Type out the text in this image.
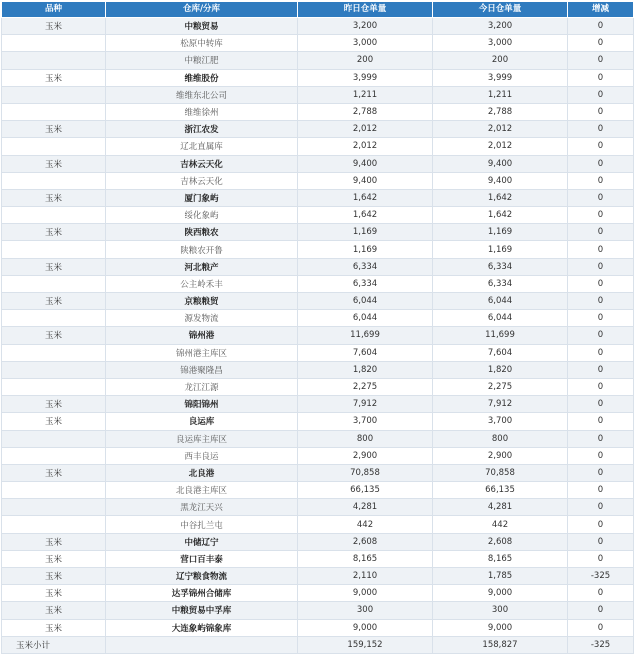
品种	仓库/分库	昨日仓单量	今日仓单量	增减
玉米	中粮贸易	3,200	3,200	0
	松原中转库	3,000	3,000	0
	中粮江肥	200	200	0
玉米	维维股份	3,999	3,999	0
	维维东北公司	1,211	1,211	0
	维维徐州	2,788	2,788	0
玉米	浙江农发	2,012	2,012	0
	辽北直属库	2,012	2,012	0
玉米	吉林云天化	9,400	9,400	0
	吉林云天化	9,400	9,400	0
玉米	厦门象屿	1,642	1,642	0
	绥化象屿	1,642	1,642	0
玉米	陕西粮农	1,169	1,169	0
	陕粮农开鲁	1,169	1,169	0
玉米	河北粮产	6,334	6,334	0
	公主岭禾丰	6,334	6,334	0
玉米	京粮粮贸	6,044	6,044	0
	源发物流	6,044	6,044	0
玉米	锦州港	11,699	11,699	0
	锦州港主库区	7,604	7,604	0
	锦港聚隆昌	1,820	1,820	0
	龙江江源	2,275	2,275	0
玉米	锦阳锦州	7,912	7,912	0
玉米	良运库	3,700	3,700	0
	良运库主库区	800	800	0
	西丰良运	2,900	2,900	0
玉米	北良港	70,858	70,858	0
	北良港主库区	66,135	66,135	0
	黑龙江天兴	4,281	4,281	0
	中谷扎兰屯	442	442	0
玉米	中储辽宁	2,608	2,608	0
玉米	营口百丰泰	8,165	8,165	0
玉米	辽宁粮食物流	2,110	1,785	-325
玉米	达孚锦州合储库	9,000	9,000	0
玉米	中粮贸易中孚库	300	300	0
玉米	大连象屿锦象库	9,000	9,000	0
玉米小计		159,152	158,827	-325
